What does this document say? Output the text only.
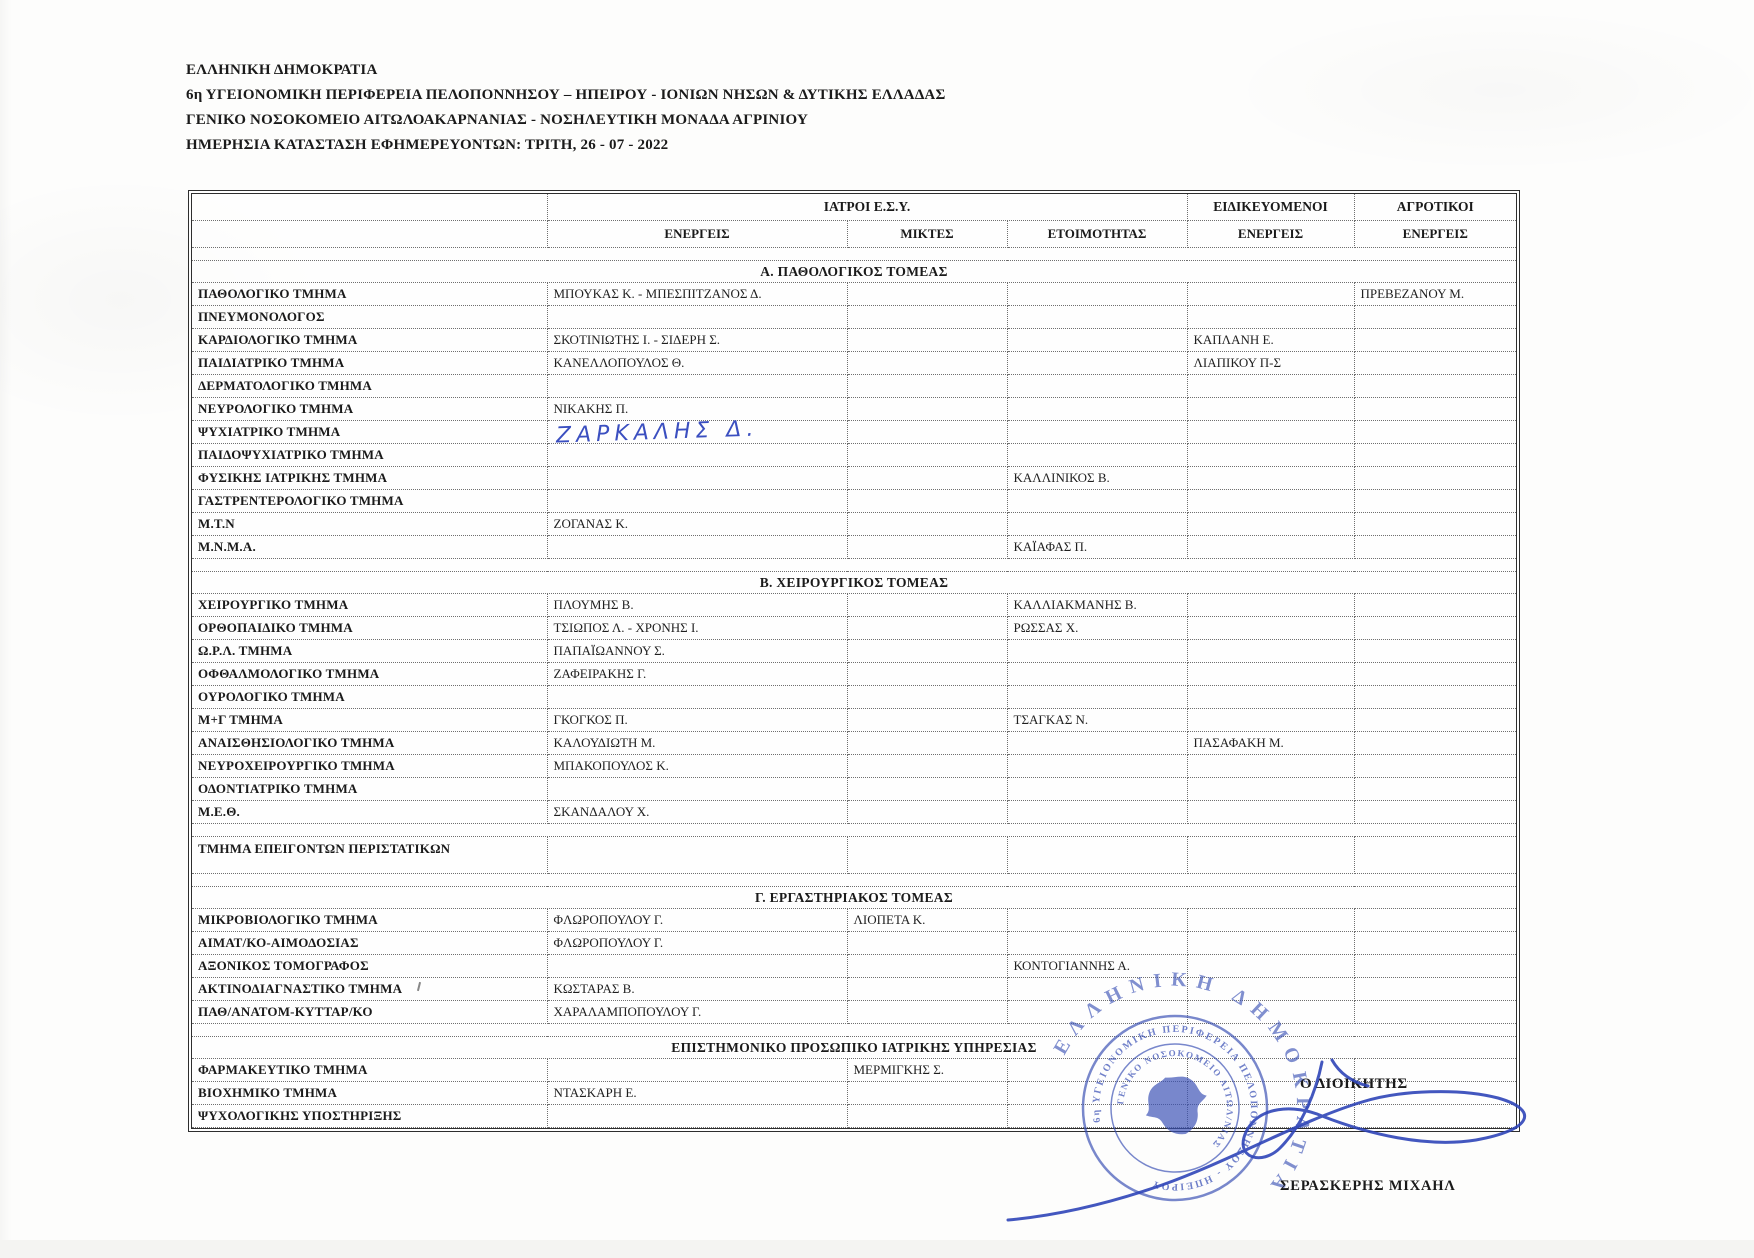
ΕΛΛΗΝΙΚΗ ΔΗΜΟΚΡΑΤΙΑ
6η ΥΓΕΙΟΝΟΜΙΚΗ ΠΕΡΙΦΕΡΕΙΑ ΠΕΛΟΠΟΝΝΗΣΟΥ – ΗΠΕΙΡΟΥ - ΙΟΝΙΩΝ ΝΗΣΩΝ & ΔΥΤΙΚΗΣ ΕΛΛΑΔΑΣ
ΓΕΝΙΚΟ ΝΟΣΟΚΟΜΕΙΟ ΑΙΤΩΛΟΑΚΑΡΝΑΝΙΑΣ - ΝΟΣΗΛΕΥΤΙΚΗ ΜΟΝΑΔΑ ΑΓΡΙΝΙΟΥ
ΗΜΕΡΗΣΙΑ ΚΑΤΑΣΤΑΣΗ ΕΦΗΜΕΡΕΥΟΝΤΩΝ: ΤΡΙΤΗ, 26 - 07 - 2022
	ΙΑΤΡΟΙ Ε.Σ.Υ.			ΕΙΔΙΚΕΥΟΜΕΝΟΙ	ΑΓΡΟΤΙΚΟΙ
	ΕΝΕΡΓΕΙΣ	ΜΙΚΤΕΣ	ΕΤΟΙΜΟΤΗΤΑΣ	ΕΝΕΡΓΕΙΣ	ΕΝΕΡΓΕΙΣ

Α. ΠΑΘΟΛΟΓΙΚΟΣ ΤΟΜΕΑΣ					
ΠΑΘΟΛΟΓΙΚΟ ΤΜΗΜΑ	ΜΠΟΥΚΑΣ Κ. - ΜΠΕΣΠΙΤΖΑΝΟΣ Δ.				ΠΡΕΒΕΖΑΝΟΥ Μ.
ΠΝΕΥΜΟΝΟΛΟΓΟΣ					
ΚΑΡΔΙΟΛΟΓΙΚΟ ΤΜΗΜΑ	ΣΚΟΤΙΝΙΩΤΗΣ Ι. - ΣΙΔΕΡΗ Σ.			ΚΑΠΛΑΝΗ Ε.	
ΠΑΙΔΙΑΤΡΙΚΟ ΤΜΗΜΑ	ΚΑΝΕΛΛΟΠΟΥΛΟΣ Θ.			ΛΙΑΠΙΚΟΥ Π-Σ	
ΔΕΡΜΑΤΟΛΟΓΙΚΟ ΤΜΗΜΑ					
ΝΕΥΡΟΛΟΓΙΚΟ ΤΜΗΜΑ	ΝΙΚΑΚΗΣ Π.				
ΨΥΧΙΑΤΡΙΚΟ ΤΜΗΜΑ	ΖΑΡΚΑΛΗΣ Δ.				

ΠΑΙΔΟΨΥΧΙΑΤΡΙΚΟ ΤΜΗΜΑ					
ΦΥΣΙΚΗΣ ΙΑΤΡΙΚΗΣ ΤΜΗΜΑ			ΚΑΛΛΙΝΙΚΟΣ Β.		
ΓΑΣΤΡΕΝΤΕΡΟΛΟΓΙΚΟ ΤΜΗΜΑ					
Μ.Τ.Ν	ΖΟΓΑΝΑΣ Κ.				
Μ.Ν.Μ.Α.			ΚΑΪΑΦΑΣ Π.		

Β. ΧΕΙΡΟΥΡΓΙΚΟΣ ΤΟΜΕΑΣ					
ΧΕΙΡΟΥΡΓΙΚΟ ΤΜΗΜΑ	ΠΛΟΥΜΗΣ Β.		ΚΑΛΛΙΑΚΜΑΝΗΣ Β.		
ΟΡΘΟΠΑΙΔΙΚΟ ΤΜΗΜΑ	ΤΣΙΩΠΟΣ Λ. - ΧΡΟΝΗΣ Ι.		ΡΩΣΣΑΣ Χ.		
Ω.Ρ.Λ. ΤΜΗΜΑ	ΠΑΠΑΪΩΑΝΝΟΥ Σ.				
ΟΦΘΑΛΜΟΛΟΓΙΚΟ ΤΜΗΜΑ	ΖΑΦΕΙΡΑΚΗΣ Γ.				
ΟΥΡΟΛΟΓΙΚΟ ΤΜΗΜΑ					
Μ+Γ ΤΜΗΜΑ	ΓΚΟΓΚΟΣ Π.		ΤΣΑΓΚΑΣ Ν.		
ΑΝΑΙΣΘΗΣΙΟΛΟΓΙΚΟ ΤΜΗΜΑ	ΚΑΛΟΥΔΙΩΤΗ Μ.			ΠΑΣΑΦΑΚΗ Μ.	
ΝΕΥΡΟΧΕΙΡΟΥΡΓΙΚΟ ΤΜΗΜΑ	ΜΠΑΚΟΠΟΥΛΟΣ Κ.				
ΟΔΟΝΤΙΑΤΡΙΚΟ ΤΜΗΜΑ					
Μ.Ε.Θ.	ΣΚΑΝΔΑΛΟΥ Χ.				

ΤΜΗΜΑ ΕΠΕΙΓΟΝΤΩΝ ΠΕΡΙΣΤΑΤΙΚΩΝ					

Γ. ΕΡΓΑΣΤΗΡΙΑΚΟΣ ΤΟΜΕΑΣ					
ΜΙΚΡΟΒΙΟΛΟΓΙΚΟ ΤΜΗΜΑ	ΦΛΩΡΟΠΟΥΛΟΥ Γ.	ΛΙΟΠΕΤΑ Κ.			
ΑΙΜΑΤ/ΚΟ-ΑΙΜΟΔΟΣΙΑΣ	ΦΛΩΡΟΠΟΥΛΟΥ Γ.				
ΑΞΟΝΙΚΟΣ ΤΟΜΟΓΡΑΦΟΣ			ΚΟΝΤΟΓΙΑΝΝΗΣ Α.		
ΑΚΤΙΝΟΔΙΑΓΝΑΣΤΙΚΟ ΤΜΗΜΑ	ΚΩΣΤΑΡΑΣ Β.				
ΠΑΘ/ΑΝΑΤΟΜ-ΚΥΤΤΑΡ/ΚΟ	ΧΑΡΑΛΑΜΠΟΠΟΥΛΟΥ Γ.				

ΕΠΙΣΤΗΜΟΝΙΚΟ ΠΡΟΣΩΠΙΚΟ ΙΑΤΡΙΚΗΣ ΥΠΗΡΕΣΙΑΣ					
ΦΑΡΜΑΚΕΥΤΙΚΟ ΤΜΗΜΑ		ΜΕΡΜΙΓΚΗΣ Σ.			
ΒΙΟΧΗΜΙΚΟ ΤΜΗΜΑ	ΝΤΑΣΚΑΡΗ Ε.				
ΨΥΧΟΛΟΓΙΚΗΣ ΥΠΟΣΤΗΡΙΞΗΣ					
ΕΛΛΗΝΙΚΗ ΔΗΜΟΚΡΑΤΙΑ
6η ΥΓΕΙΟΝΟΜΙΚΗ ΠΕΡΙΦΕΡΕΙΑ ΠΕΛΟΠΟΝΝΗΣΟΥ - ΗΠΕΙΡΟΥ
ΓΕΝΙΚΟ ΝΟΣΟΚΟΜΕΙΟ ΑΙΤΩΛ/ΝΙΑΣ
Ο ΔΙΟΙΚΗΤΗΣ
ΣΕΡΑΣΚΕΡΗΣ ΜΙΧΑΗΛ
